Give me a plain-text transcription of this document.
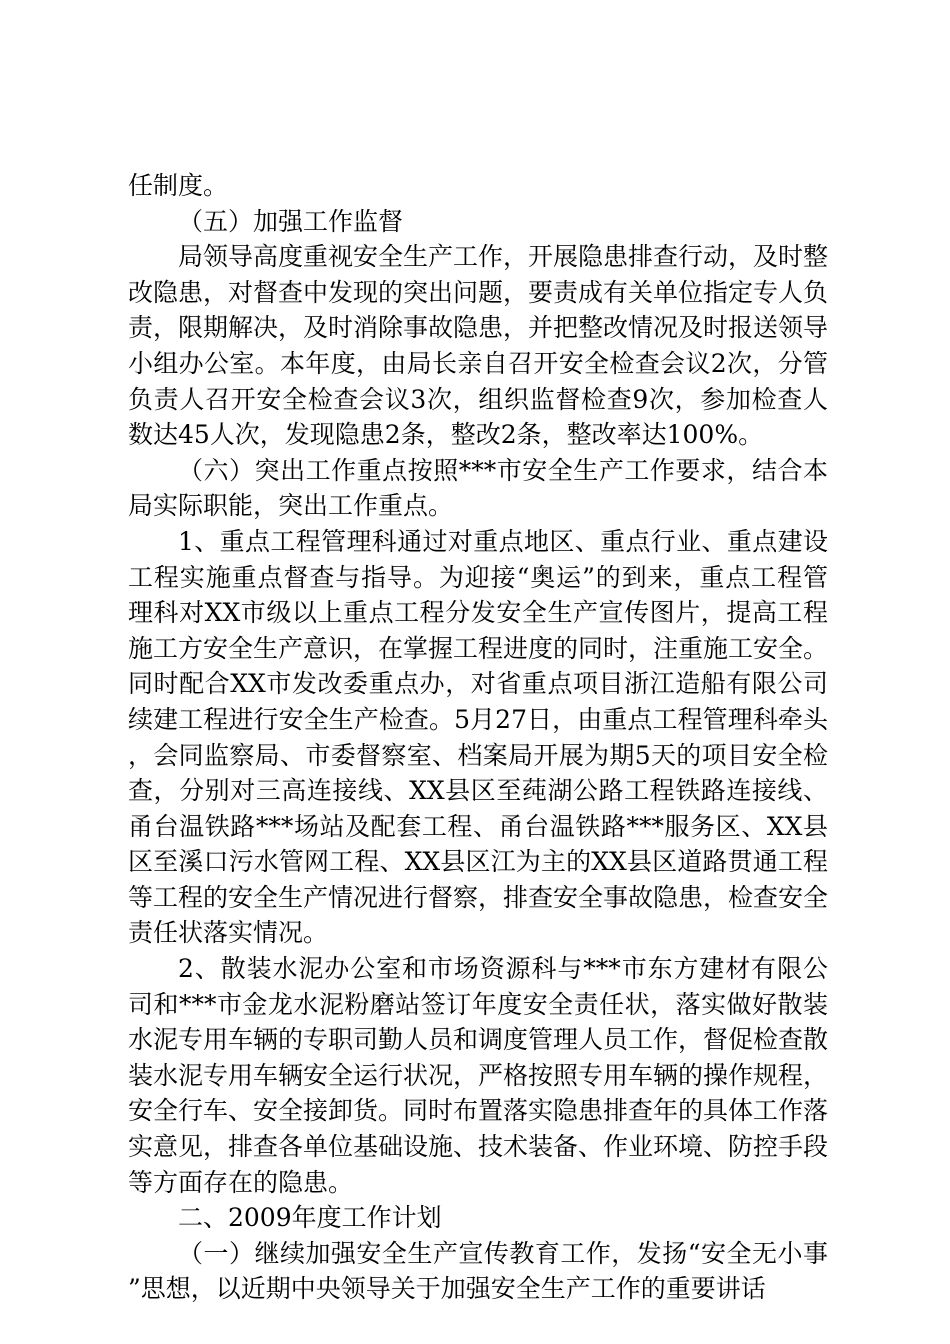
任制度。

（五）加强工作监督

局领导高度重视安全生产工作，开展隐患排查行动，及时整改隐患，对督查中发现的突出问题，要责成有关单位指定专人负责，限期解决，及时消除事故隐患，并把整改情况及时报送领导小组办公室。本年度，由局长亲自召开安全检查会议2次，分管负责人召开安全检查会议3次，组织监督检查9次，参加检查人数达45人次，发现隐患2条，整改2条，整改率达100%。

（六）突出工作重点按照***市安全生产工作要求，结合本局实际职能，突出工作重点。

1、重点工程管理科通过对重点地区、重点行业、重点建设工程实施重点督查与指导。为迎接“奥运”的到来，重点工程管理科对XX市级以上重点工程分发安全生产宣传图片，提高工程施工方安全生产意识，在掌握工程进度的同时，注重施工安全。同时配合XX市发改委重点办，对省重点项目浙江造船有限公司续建工程进行安全生产检查。5月27日，由重点工程管理科牵头，会同监察局、市委督察室、档案局开展为期5天的项目安全检查，分别对三高连接线、XX县区至莼湖公路工程铁路连接线、甬台温铁路***场站及配套工程、甬台温铁路***服务区、XX县区至溪口污水管网工程、XX县区江为主的XX县区道路贯通工程等工程的安全生产情况进行督察，排查安全事故隐患，检查安全责任状落实情况。

2、散装水泥办公室和市场资源科与***市东方建材有限公司和***市金龙水泥粉磨站签订年度安全责任状，落实做好散装水泥专用车辆的专职司勤人员和调度管理人员工作，督促检查散装水泥专用车辆安全运行状况，严格按照专用车辆的操作规程，安全行车、安全接卸货。同时布置落实隐患排查年的具体工作落实意见，排查各单位基础设施、技术装备、作业环境、防控手段等方面存在的隐患。

二、2009年度工作计划

（一）继续加强安全生产宣传教育工作，发扬“安全无小事”思想，以近期中央领导关于加强安全生产工作的重要讲话
